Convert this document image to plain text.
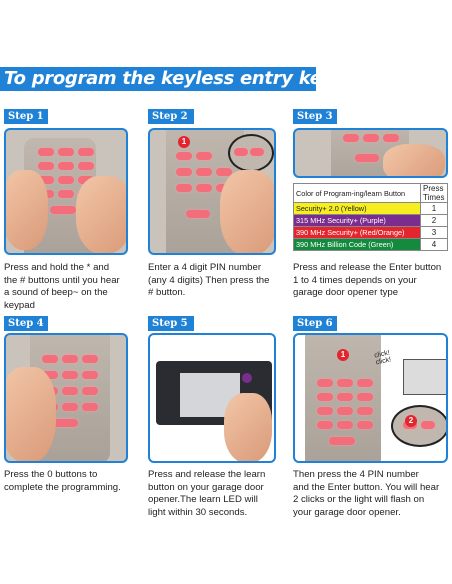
To program the keyless entry keypad
Step 1
Press and hold the * and
the # buttons until you hear
a sound of beep~ on the
keypad
Step 2
1
Enter a 4 digit PIN number
(any 4 digits) Then press the
# button.
Step 3
Color of Program-ing/learn Button	Press Times
Security+ 2.0 (Yellow)	1
315 MHz Security+ (Purple)	2
390 MHz Security+ (Red/Orange)	3
390 MHz Billion Code (Green)	4
Press and release the Enter button
1 to 4 times depends on your
garage door opener type
Step 4
Press the 0 buttons to
complete the programming.
Step 5
Press and release the learn
button on your garage door
opener.The learn LED will
light within 30 seconds.
Step 6
1	click!
click!
2
Then press the 4 PIN number
and the Enter button. You will hear
2 clicks or the light will flash on
your garage door opener.
